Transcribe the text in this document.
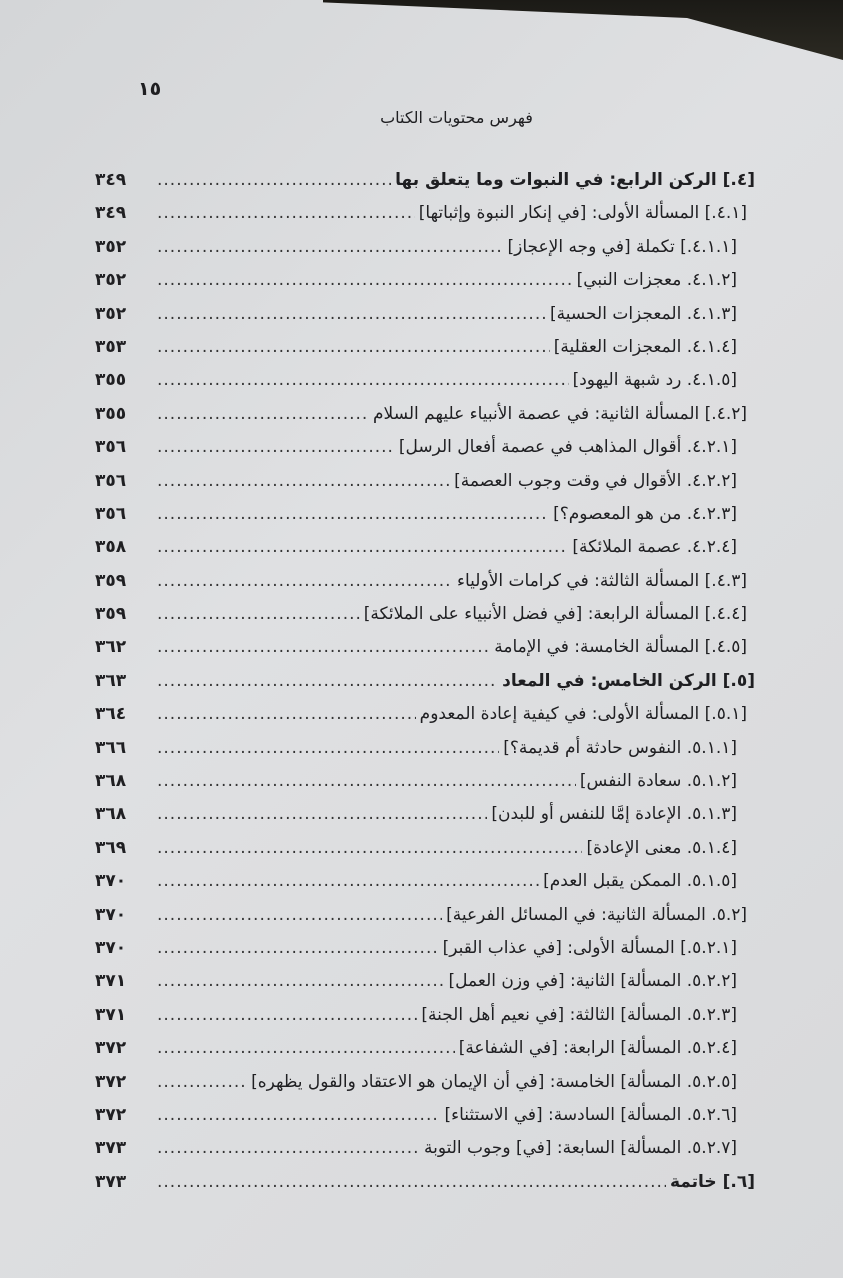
١٥
فهرس محتويات الكتاب
[٤.] الركن الرابع: في النبوات وما يتعلق بها
.....
٣٤٩
[٤.١.] المسألة الأولى: [في إنكار النبوة وإثباتها]
.....
٣٤٩
[٤.١.١.] تكملة [في وجه الإعجاز]
.....
٣٥٢
[٤.١.٢. معجزات النبي]
.....
٣٥٢
[٤.١.٣. المعجزات الحسية]
.....
٣٥٢
[٤.١.٤. المعجزات العقلية]
.....
٣٥٣
[٤.١.٥. رد شبهة اليهود]
.....
٣٥٥
[٤.٢.] المسألة الثانية: في عصمة الأنبياء عليهم السلام
.....
٣٥٥
[٤.٢.١. أقوال المذاهب في عصمة أفعال الرسل]
.....
٣٥٦
[٤.٢.٢. الأقوال في وقت وجوب العصمة]
.....
٣٥٦
[٤.٢.٣. من هو المعصوم؟]
.....
٣٥٦
[٤.٢.٤. عصمة الملائكة]
.....
٣٥٨
[٤.٣.] المسألة الثالثة: في كرامات الأولياء
.....
٣٥٩
[٤.٤.] المسألة الرابعة: [في فضل الأنبياء على الملائكة]
.....
٣٥٩
[٤.٥.] المسألة الخامسة: في الإمامة
.....
٣٦٢
[٥.] الركن الخامس: في المعاد
.....
٣٦٣
[٥.١.] المسألة الأولى: في كيفية إعادة المعدوم
.....
٣٦٤
[٥.١.١. النفوس حادثة أم قديمة؟]
.....
٣٦٦
[٥.١.٢. سعادة النفس]
.....
٣٦٨
[٥.١.٣. الإعادة إمَّا للنفس أو للبدن]
.....
٣٦٨
[٥.١.٤. معنى الإعادة]
.....
٣٦٩
[٥.١.٥. الممكن يقبل العدم]
.....
٣٧٠
[٥.٢. المسألة الثانية: في المسائل الفرعية]
.....
٣٧٠
[٥.٢.١.] المسألة الأولى: [في عذاب القبر]
.....
٣٧٠
[٥.٢.٢. المسألة] الثانية: [في وزن العمل]
.....
٣٧١
[٥.٢.٣. المسألة] الثالثة: [في نعيم أهل الجنة]
.....
٣٧١
[٥.٢.٤. المسألة] الرابعة: [في الشفاعة]
.....
٣٧٢
[٥.٢.٥. المسألة] الخامسة: [في أن الإيمان هو الاعتقاد والقول يظهره]
.....
٣٧٢
[٥.٢.٦. المسألة] السادسة: [في الاستثناء]
.....
٣٧٢
[٥.٢.٧. المسألة] السابعة: [في] وجوب التوبة
.....
٣٧٣
[٦.] خاتمة
.....
٣٧٣
